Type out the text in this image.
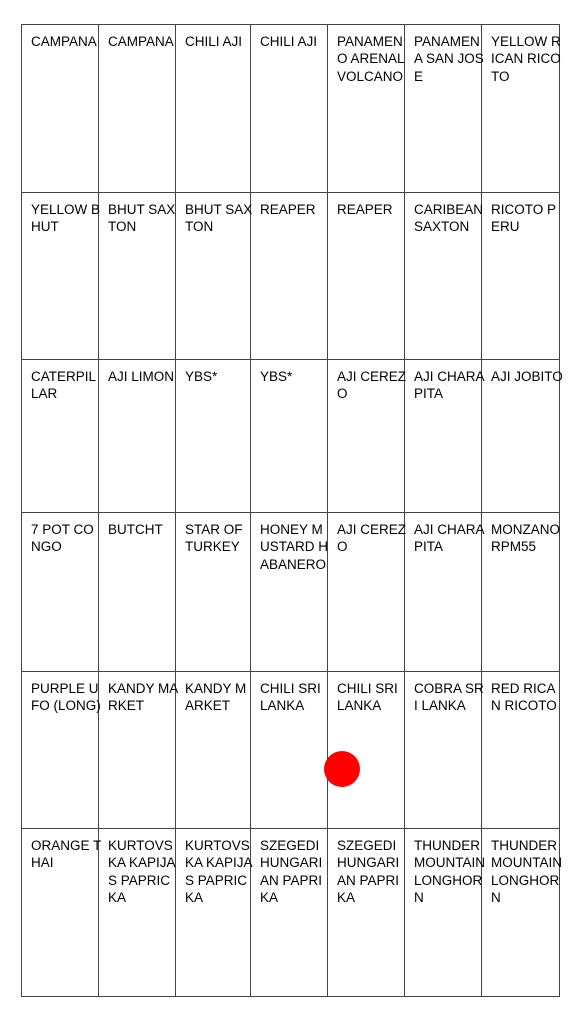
CAMPANA	CAMPANA	CHILI AJI	CHILI AJI	PANAMENO ARENAL VOLCANO	PANAMENA SAN JOSE	YELLOW RICAN RICOTO

YELLOW BHUT	BHUT SAXTON	BHUT SAXTON	REAPER	REAPER	CARIBEAN SAXTON	RICOTO PERU

CATERPILLAR	AJI LIMON	YBS*	YBS*	AJI CEREZO	AJI CHARAPITA	AJI JOBITO

7 POT CONGO	BUTCHT	STAR OF TURKEY	HONEY MUSTARD HABANERO	AJI CEREZO	AJI CHARAPITA	MONZANO RPM55

PURPLE UFO (LONG)	KANDY MARKET	KANDY MARKET	CHILI SRI LANKA	CHILI SRI LANKA	COBRA SRI LANKA	RED RICAN RICOTO

ORANGE THAI	KURTOVSKA KAPIJAS PAPRICKA	KURTOVSKA KAPIJAS PAPRICKA	SZEGEDI HUNGARIAN PAPRIKA	SZEGEDI HUNGARIAN PAPRIKA	THUNDER MOUNTAIN LONGHORN	THUNDER MOUNTAIN LONGHORN
